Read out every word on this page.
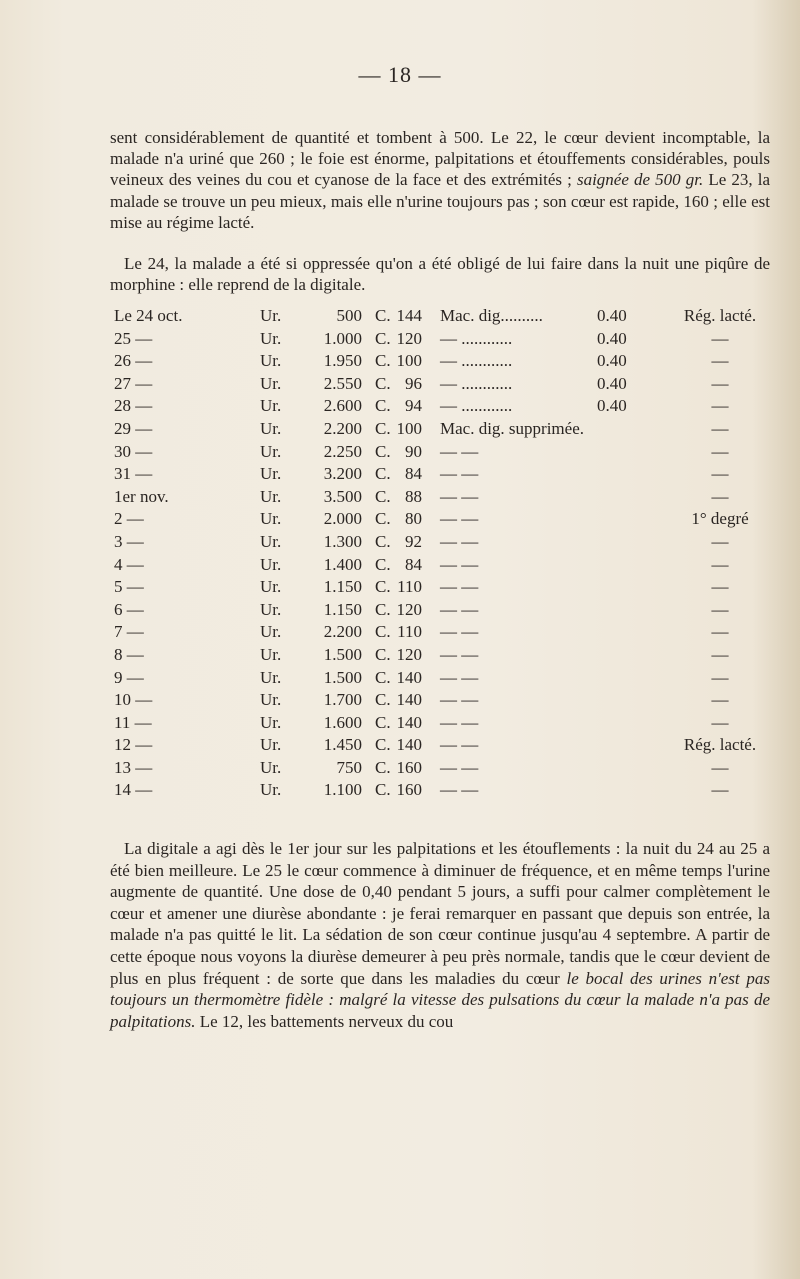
— 18 —
sent considérablement de quantité et tombent à 500. Le 22, le cœur devient incomptable, la malade n'a uriné que 260 ; le foie est énorme, palpitations et étouffements considérables, pouls veineux des veines du cou et cyanose de la face et des extrémités ; saignée de 500 gr. Le 23, la malade se trouve un peu mieux, mais elle n'urine toujours pas ; son cœur est rapide, 160 ; elle est mise au régime lacté.
Le 24, la malade a été si oppressée qu'on a été obligé de lui faire dans la nuit une piqûre de morphine : elle reprend de la digitale.
Le 24 oct.	Ur.	500 C. 144 Mac. dig..........	0.40	Rég. lacté.
25 —	Ur.	1.000 C. 120 — ............	0.40	—
26 —	Ur.	1.950 C. 100 — ............	0.40	—
27 —	Ur.	2.550 C. 96 — ............	0.40	—
28 —	Ur.	2.600 C. 94 — ............	0.40	—
29 —	Ur.	2.200 C. 100 Mac. dig. supprimée.	—
30 —	Ur.	2.250 C. 90 — —	—
31 —	Ur.	3.200 C. 84 — —	—
1er nov.	Ur.	3.500 C. 88 — —	—
2 —	Ur.	2.000 C. 80 — —	1° degré
3 —	Ur.	1.300 C. 92 — —	—
4 —	Ur.	1.400 C. 84 — —	—
5 —	Ur.	1.150 C. 110 — —	—
6 —	Ur.	1.150 C. 120 — —	—
7 —	Ur.	2.200 C. 110 — —	—
8 —	Ur.	1.500 C. 120 — —	—
9 —	Ur.	1.500 C. 140 — —	—
10 —	Ur.	1.700 C. 140 — —	—
11 —	Ur.	1.600 C. 140 — —	—
12 —	Ur.	1.450 C. 140 — —	Rég. lacté.
13 —	Ur.	750 C. 160 — —	—
14 —	Ur.	1.100 C. 160 — —	—
La digitale a agi dès le 1er jour sur les palpitations et les étouflements : la nuit du 24 au 25 a été bien meilleure. Le 25 le cœur commence à diminuer de fréquence, et en même temps l'urine augmente de quantité. Une dose de 0,40 pendant 5 jours, a suffi pour calmer complètement le cœur et amener une diurèse abondante : je ferai remarquer en passant que depuis son entrée, la malade n'a pas quitté le lit. La sédation de son cœur continue jusqu'au 4 septembre. A partir de cette époque nous voyons la diurèse demeurer à peu près normale, tandis que le cœur devient de plus en plus fréquent : de sorte que dans les maladies du cœur le bocal des urines n'est pas toujours un thermomètre fidèle : malgré la vitesse des pulsations du cœur la malade n'a pas de palpitations. Le 12, les battements nerveux du cou
